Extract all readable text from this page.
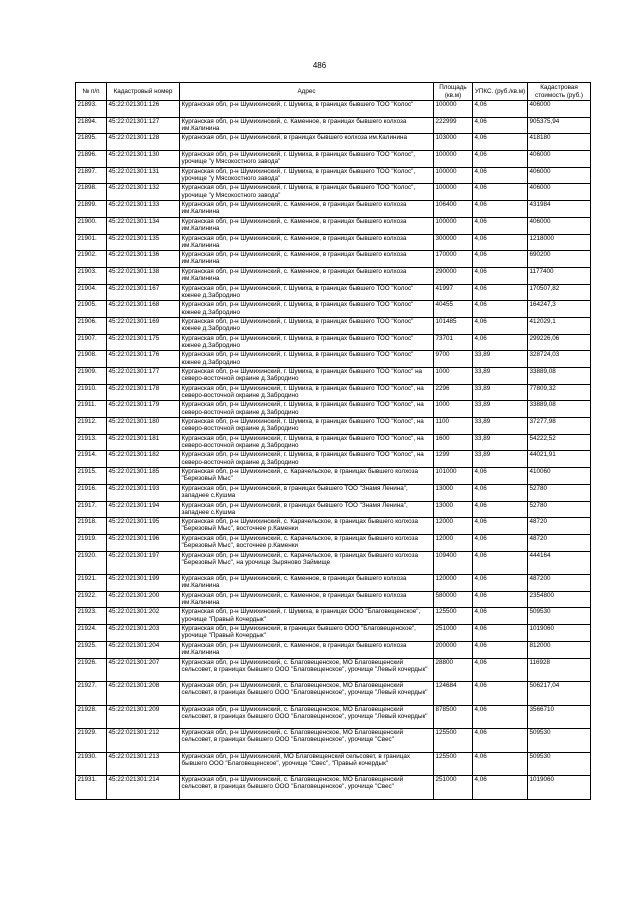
486
№ п/п	Кадастровый номер	Адрес	Площадь (кв.м)	УПКС. (руб./кв.м)	Кадастровая стоимость (руб.)
21893.	45:22:021301:126	Курганская обл, р-н Шумихинский, г. Шумиха, в границах бывшего ТОО "Колос"	100000	4,06	406000
21894.	45:22:021301:127	Курганская обл, р-н Шумихинский, с. Каменное, в границах бывшего колхоза им.Калинина	222999	4,06	905375,94
21895.	45:22:021301:128	Курганская обл, р-н Шумихинский, в границах бывшего колхоза им.Калинина	103000	4,06	418180
21896.	45:22:021301:130	Курганская обл, р-н Шумихинский, г. Шумиха, в границах бывшего ТОО "Колос", урочище "у Мясокостного завода"	100000	4,06	406000
21897.	45:22:021301:131	Курганская обл, р-н Шумихинский, г. Шумиха, в границах бывшего ТОО "Колос", урочище "у Мясокостного завода"	100000	4,06	406000
21898.	45:22:021301:132	Курганская обл, р-н Шумихинский, г. Шумиха, в границах бывшего ТОО "Колос", урочище "у Мясокостного завода"	100000	4,06	406000
21899.	45:22:021301:133	Курганская обл, р-н Шумихинский, с. Каменное, в границах бывшего колхоза им.Калинина	106400	4,06	431984
21900.	45:22:021301:134	Курганская обл, р-н Шумихинский, с. Каменное, в границах бывшего колхоза им.Калинина	100000	4,06	406000
21901.	45:22:021301:135	Курганская обл, р-н Шумихинский, с. Каменное, в границах бывшего колхоза им.Калинина	300000	4,06	1218000
21902.	45:22:021301:136	Курганская обл, р-н Шумихинский, с. Каменное, в границах бывшего колхоза им.Калинина	170000	4,06	690200
21903.	45:22:021301:138	Курганская обл, р-н Шумихинский, с. Каменное, в границах бывшего колхоза им.Калинина	290000	4,06	1177400
21904.	45:22:021301:167	Курганская обл, р-н Шумихинский, г. Шумиха, в границах бывшего ТОО "Колос" южнее д.Забродино	41997	4,06	170507,82
21905.	45:22:021301:168	Курганская обл, р-н Шумихинский, г. Шумиха, в границах бывшего ТОО "Колос" южнее д.Забродино	40455	4,06	164247,3
21906.	45:22:021301:169	Курганская обл, р-н Шумихинский, г. Шумиха, в границах бывшего ТОО "Колос" южнее д.Забродино	101485	4,06	412029,1
21907.	45:22:021301:175	Курганская обл, р-н Шумихинский, г. Шумиха, в границах бывшего ТОО "Колос" южнее д.Забродино	73701	4,06	299226,06
21908.	45:22:021301:176	Курганская обл, р-н Шумихинский, г. Шумиха, в границах бывшего ТОО "Колос" южнее д.Забродино	9700	33,89	328724,03
21909.	45:22:021301:177	Курганская обл, р-н Шумихинский, г. Шумиха, в границах бывшего ТОО "Колос" на северо-восточной окраине д.Забродино	1000	33,89	33889,08
21910.	45:22:021301:178	Курганская обл, р-н Шумихинский, г. Шумиха, в границах бывшего ТОО "Колос", на северо-восточной окраине д.Забродино	2296	33,89	77809,32
21911.	45:22:021301:179	Курганская обл, р-н Шумихинский, г. Шумиха, в границах бывшего ТОО "Колос", на северо-восточной окраине д.Забродино	1000	33,89	33889,08
21912.	45:22:021301:180	Курганская обл, р-н Шумихинский, г. Шумиха, в границах бывшего ТОО "Колос", на северо-восточной окраине д.Забродино	1100	33,89	37277,98
21913.	45:22:021301:181	Курганская обл, р-н Шумихинский, г. Шумиха, в границах бывшего ТОО "Колос", на северо-восточной окраине д.Забродино	1600	33,89	54222,52
21914.	45:22:021301:182	Курганская обл, р-н Шумихинский, г. Шумиха, в границах бывшего ТОО "Колос", на северо-восточной окраине д.Забродино	1299	33,89	44021,91
21915.	45:22:021301:185	Курганская обл, р-н Шумихинский, с. Карачельское, в границах бывшего колхоза "Березовый Мыс"	101000	4,06	410060
21916.	45:22:021301:193	Курганская обл, р-н Шумихинский, в границах бывшего ТОО "Знамя Ленина", западнее с.Кушма	13000	4,06	52780
21917.	45:22:021301:194	Курганская обл, р-н Шумихинский, в границах бывшего ТОО "Знамя Ленина", западнее с.Кушма	13000	4,06	52780
21918.	45:22:021301:195	Курганская обл, р-н Шумихинский, с. Карачельское, в границах бывшего колхоза "Березовый Мыс", восточнее р.Каменки	12000	4,06	48720
21919.	45:22:021301:196	Курганская обл, р-н Шумихинский, с. Карачельское, в границах бывшего колхоза "Березовый Мыс", восточнее р.Каменки	12000	4,06	48720
21920.	45:22:021301:197	Курганская обл, р-н Шумихинский, с. Карачельское, в границах бывшего колхоза "Березовый Мыс", на урочище Зыряново Займище	109400	4,06	444164
21921.	45:22:021301:199	Курганская обл, р-н Шумихинский, с. Каменное, в границах бывшего колхоза им.Калинина	120000	4,06	487200
21922.	45:22:021301:200	Курганская обл, р-н Шумихинский, с. Каменное, в границах бывшего колхоза им.Калинина	580000	4,06	2354800
21923.	45:22:021301:202	Курганская обл, р-н Шумихинский, г. Шумиха, в границах ООО "Благовещенское", урочище "Правый Кочердык"	125500	4,06	509530
21924.	45:22:021301:203	Курганская обл, р-н Шумихинский, в границах бывшего ООО "Благовещенское", урочище "Правый Кочердык"	251000	4,06	1019060
21925.	45:22:021301:204	Курганская обл, р-н Шумихинский, с. Каменное, в границах бывшего колхоза им.Калинина	200000	4,06	812000
21926.	45:22:021301:207	Курганская обл, р-н Шумихинский, с. Благовещенское, МО Благовещенский сельсовет, в границах бывшего ООО "Благовещенское", урочище "Левый кочердык"	28800	4,06	116928
21927.	45:22:021301:208	Курганская обл, р-н Шумихинский, с. Благовещенское, МО Благовещенский сельсовет, в границах бывшего ООО "Благовещенское", урочище "Левый кочердык"	124684	4,06	506217,04
21928.	45:22:021301:209	Курганская обл, р-н Шумихинский, с. Благовещенское, МО Благовещенский сельсовет, в границах бывшего ООО "Благовещенское", урочище "Левый кочердык"	878500	4,06	3566710
21929.	45:22:021301:212	Курганская обл, р-н Шумихинский, с. Благовещенское, МО Благовещенский сельсовет, в границах бывшего ООО "Благовещенское", урочище "Свес"	125500	4,06	509530
21930.	45:22:021301:213	Курганская обл, р-н Шумихинский, МО Благовещенский сельсовет, в границах бывшего ООО "Благовещенское", урочище "Свес", "Правый кочердык"	125500	4,06	509530
21931.	45:22:021301:214	Курганская обл, р-н Шумихинский, с. Благовещенское, МО Благовещенский сельсовет, в границах бывшего ООО "Благовещенское", урочище "Свес"	251000	4,06	1019060
